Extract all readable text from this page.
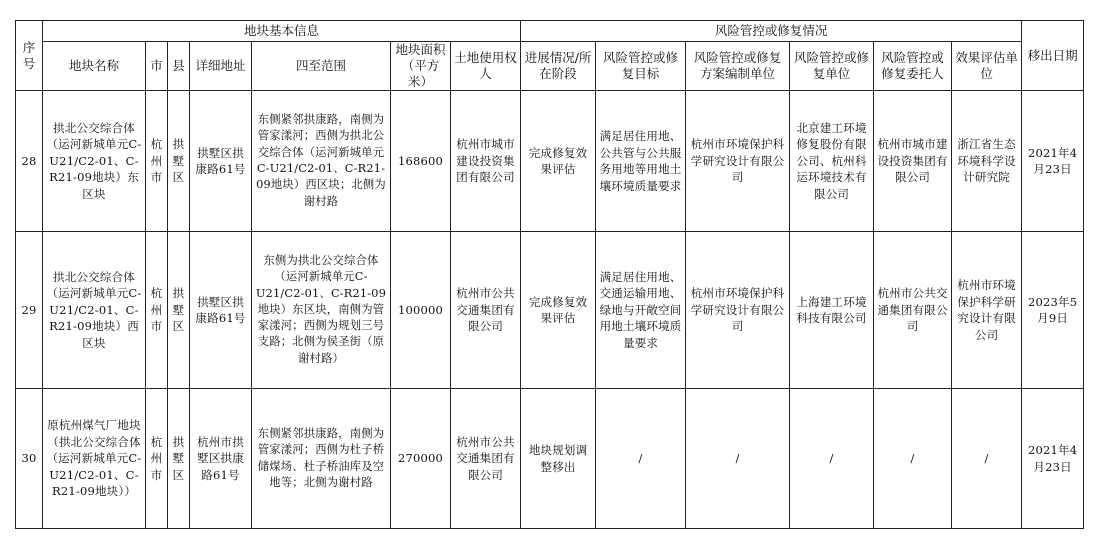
序号	地块基本信息							风险管控或修复情况						移出日期
	地块名称	市	县	详细地址	四至范围	地块面积（平方米）	土地使用权人	进展情况/所在阶段	风险管控或修复目标	风险管控或修复方案编制单位	风险管控或修复单位	风险管控或修复委托人	效果评估单位	
28	拱北公交综合体（运河新城单元C-U21/C2-01、C-R21-09地块）东区块	杭州市	拱墅区	拱墅区拱康路61号	东侧紧邻拱康路，南侧为管家漾河；西侧为拱北公交综合体（运河新城单元C-U21/C2-01、C-R21-09地块）西区块；北侧为谢村路	168600	杭州市城市建设投资集团有限公司	完成修复效果评估	满足居住用地、公共管与公共服务用地等用地土壤环境质量要求	杭州市环境保护科学研究设计有限公司	北京建工环境修复股份有限公司、杭州科运环境技术有限公司	杭州市城市建设投资集团有限公司	浙江省生态环境科学设计研究院	2021年4月23日
29	拱北公交综合体（运河新城单元C-U21/C2-01、C-R21-09地块）西区块	杭州市	拱墅区	拱墅区拱康路61号	东侧为拱北公交综合体（运河新城单元C-U21/C2-01、C-R21-09地块）东区块，南侧为管家漾河；西侧为规划三号支路；北侧为侯圣街（原谢村路）	100000	杭州市公共交通集团有限公司	完成修复效果评估	满足居住用地、交通运输用地、绿地与开敞空间用地土壤环境质量要求	杭州市环境保护科学研究设计有限公司	上海建工环境科技有限公司	杭州市公共交通集团有限公司	杭州市环境保护科学研究设计有限公司	2023年5月9日
30	原杭州煤气厂地块（拱北公交综合体（运河新城单元C-U21/C2-01、C-R21-09地块））	杭州市	拱墅区	杭州市拱墅区拱康路61号	东侧紧邻拱康路，南侧为管家漾河；西侧为杜子桥储煤场、杜子桥油库及空地等；北侧为谢村路	270000	杭州市公共交通集团有限公司	地块规划调整移出	/	/	/	/	/	2021年4月23日
